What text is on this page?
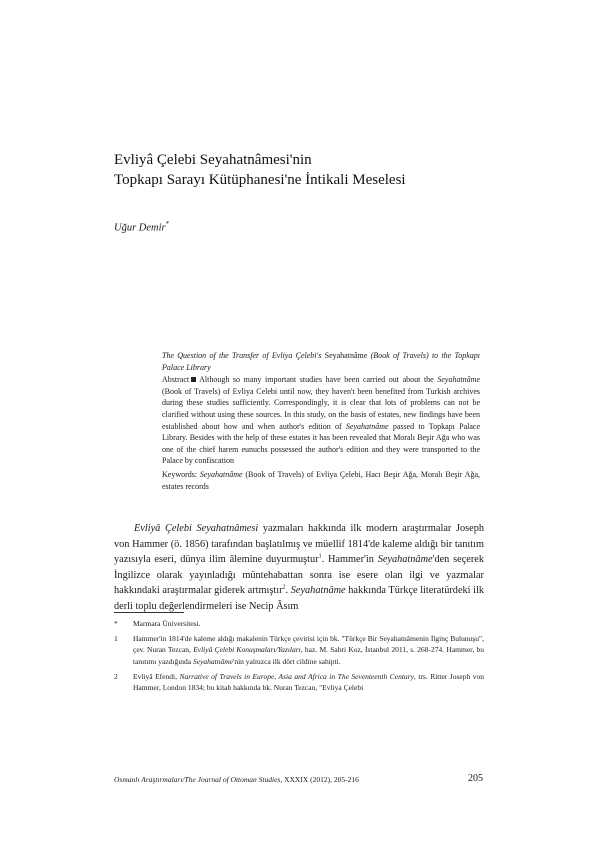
Evliyâ Çelebi Seyahatnâmesi'nin
Topkapı Sarayı Kütüphanesi'ne İntikali Meselesi
Uğur Demir*
The Question of the Transfer of Evliya Çelebi's Seyahatnâme (Book of Travels) to the Topkapı Palace Library
Abstract Although so many important studies have been carried out about the Seyahatnâme (Book of Travels) of Evliya Celebi until now, they haven't been benefited from Turkish archives during these studies sufficiently. Correspondingly, it is clear that lots of problems can not be clarified without using these sources. In this study, on the basis of estates, new findings have been established about how and when author's edition of Seyahatnâme passed to Topkapı Palace Library. Besides with the help of these estates it has been revealed that Moralı Beşir Ağa who was one of the chief harem eunuchs possessed the author's edition and they were transported to the Palace by confiscation
Keywords: Seyahatnâme (Book of Travels) of Evliya Çelebi, Hacı Beşir Ağa, Moralı Beşir Ağa, estates records
Evliyâ Çelebi Seyahatnâmesi yazmaları hakkında ilk modern araştırmalar Joseph von Hammer (ö. 1856) tarafından başlatılmış ve müellif 1814'de kaleme aldığı bir tanıtım yazısıyla eseri, dünya ilim âlemine duyurmuştur$^1$. Hammer'in Seyahatnâme'den seçerek İngilizce olarak yayınladığı müntehabattan sonra ise esere olan ilgi ve yazmalar hakkındaki araştırmalar giderek artmıştır$^2$. Seyahatnâme hakkında Türkçe literatürdeki ilk derli toplu değerlendirmeleri ise Necip Âsım
*	Marmara Üniversitesi.
1	Hammer'in 1814'de kaleme aldığı makalenin Türkçe çevirisi için bk. "Türkçe Bir Seyahatnâmenin İlginç Bulunuşu", çev. Nuran Tezcan, Evliyâ Çelebi Konuşmaları/Yazıları, haz. M. Sabri Koz, İstanbul 2011, s. 268-274. Hammer, bu tanıtımı yazdığında Seyahatnâme'nin yalnızca ilk dört cildine sahipti.
2	Evliyâ Efendi, Narrative of Travels in Europe, Asia and Africa in The Seventeenth Century, trs. Ritter Joseph von Hammer, London 1834; bu kitab hakkında bk. Nuran Tezcan, "Evliya Çelebi
Osmanlı Araştırmaları/The Journal of Ottoman Studies, XXXIX (2012), 205-216	205
